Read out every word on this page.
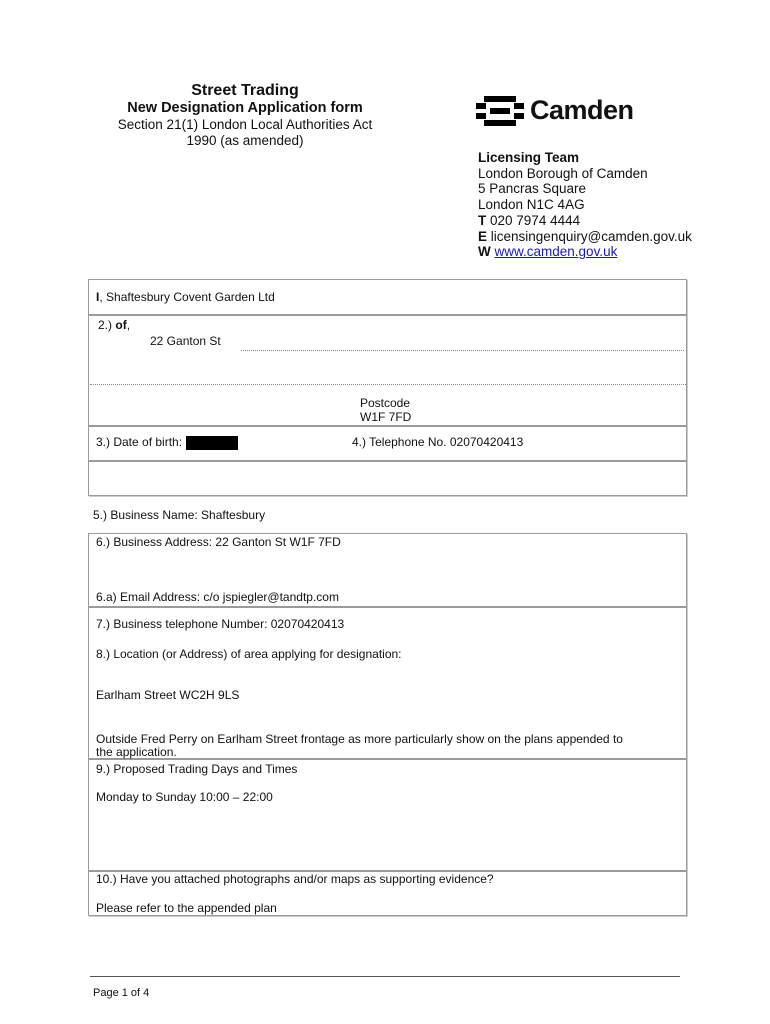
Street Trading

New Designation Application form

Section 21(1) London Local Authorities Act

1990 (as amended)

Camden
Licensing Team
London Borough of Camden
5 Pancras Square
London N1C 4AG
T 020 7974 4444
E licensingenquiry@camden.gov.uk
W www.camden.gov.uk
I, Shaftesbury Covent Garden Ltd
2.) of,
22 Ganton St
Postcode
W1F 7FD
3.) Date of birth:	4.) Telephone No. 02070420413
5.) Business Name: Shaftesbury
6.) Business Address: 22 Ganton St W1F 7FD
6.a) Email Address: c/o jspiegler@tandtp.com
7.) Business telephone Number: 02070420413
8.) Location (or Address) of area applying for designation:
Earlham Street WC2H 9LS
Outside Fred Perry on Earlham Street frontage as more particularly show on the plans appended to
the application.
9.) Proposed Trading Days and Times
Monday to Sunday 10:00 – 22:00
10.) Have you attached photographs and/or maps as supporting evidence?
Please refer to the appended plan
Page 1 of 4
